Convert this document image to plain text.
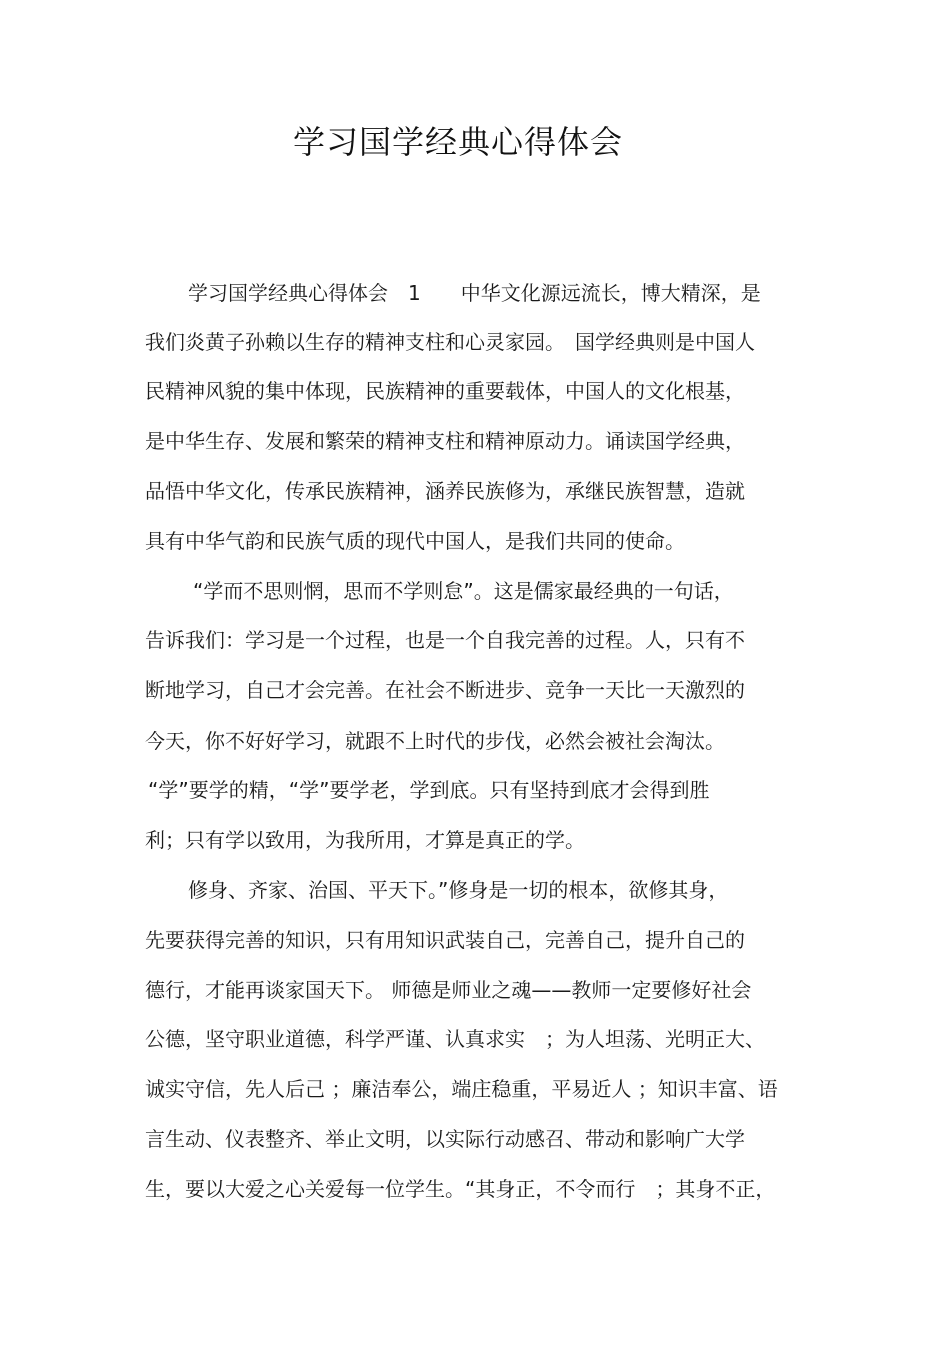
学习国学经典心得体会
学习国学经典心得体会　1　　中华文化源远流长，博大精深，是
我们炎黄子孙赖以生存的精神支柱和心灵家园。　国学经典则是中国人
民精神风貌的集中体现，民族精神的重要载体，中国人的文化根基，
是中华生存、发展和繁荣的精神支柱和精神原动力。诵读国学经典，
品悟中华文化，传承民族精神，涵养民族修为，承继民族智慧，造就
具有中华气韵和民族气质的现代中国人，是我们共同的使命。
“学而不思则惘，思而不学则怠”。这是儒家最经典的一句话，
告诉我们：学习是一个过程，也是一个自我完善的过程。人，只有不
断地学习，自己才会完善。在社会不断进步、竞争一天比一天激烈的
今天，你不好好学习，就跟不上时代的步伐，必然会被社会淘汰。
“学”要学的精，“学”要学老，学到底。只有坚持到底才会得到胜
利；只有学以致用，为我所用，才算是真正的学。
修身、齐家、治国、平天下。”修身是一切的根本，欲修其身，
先要获得完善的知识，只有用知识武装自己，完善自己，提升自己的
德行，才能再谈家国天下。 师德是师业之魂——教师一定要修好社会
公德，坚守职业道德，科学严谨、认真求实　；为人坦荡、光明正大、
诚实守信，先人后己 ；廉洁奉公，端庄稳重，平易近人 ；知识丰富、语
言生动、仪表整齐、举止文明，以实际行动感召、带动和影响广大学
生，要以大爱之心关爱每一位学生。“其身正，不令而行　；其身不正，
